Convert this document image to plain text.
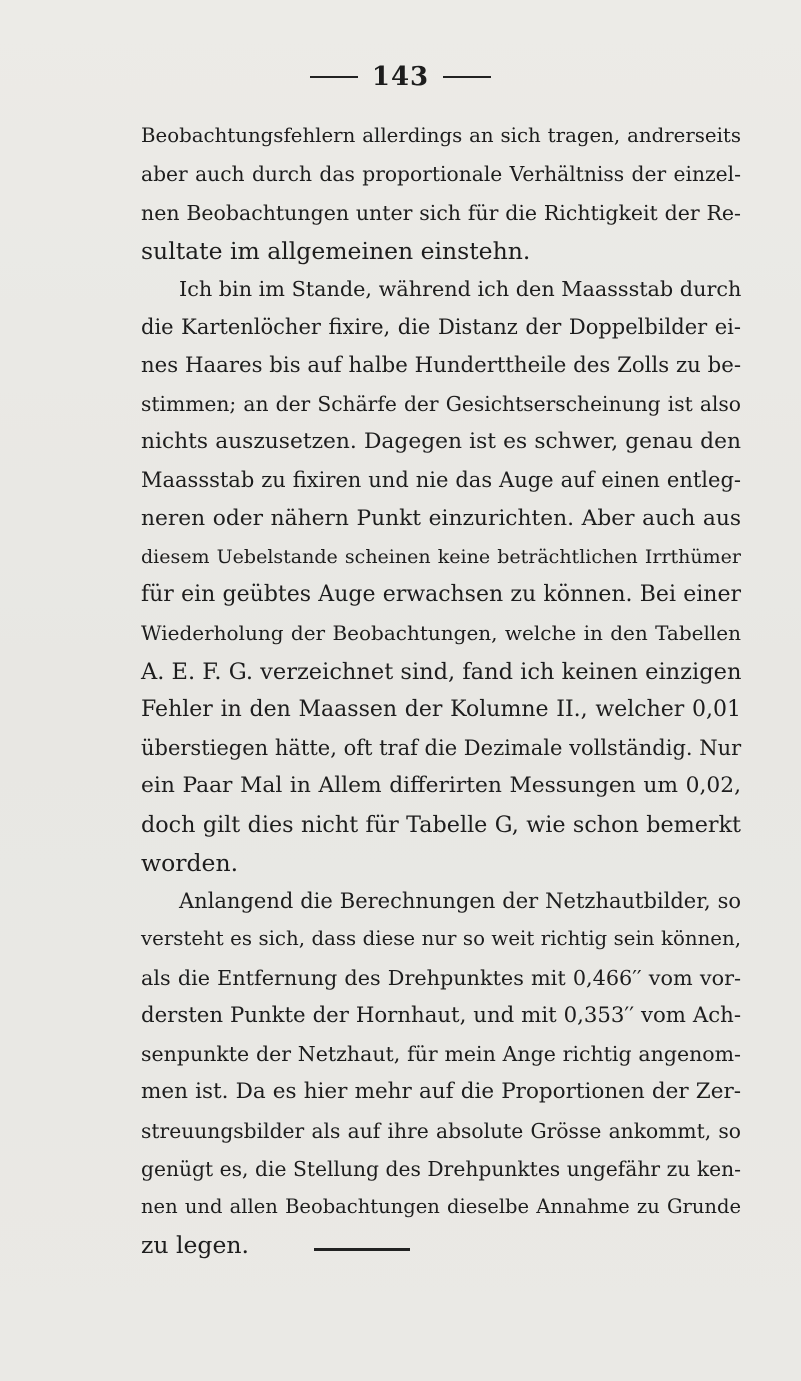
143
Beobachtungsfehlern allerdings an sich tragen, andrerseits
aber auch durch das proportionale Verhältniss der einzel-
nen Beobachtungen unter sich für die Richtigkeit der Re-
sultate im allgemeinen einstehn.
Ich bin im Stande, während ich den Maassstab durch
die Kartenlöcher fixire, die Distanz der Doppelbilder ei-
nes Haares bis auf halbe Hunderttheile des Zolls zu be-
stimmen; an der Schärfe der Gesichtserscheinung ist also
nichts auszusetzen. Dagegen ist es schwer, genau den
Maassstab zu fixiren und nie das Auge auf einen entleg-
neren oder nähern Punkt einzurichten. Aber auch aus
diesem Uebelstande scheinen keine beträchtlichen Irrthümer
für ein geübtes Auge erwachsen zu können. Bei einer
Wiederholung der Beobachtungen, welche in den Tabellen
A. E. F. G. verzeichnet sind, fand ich keinen einzigen
Fehler in den Maassen der Kolumne II., welcher 0,01
überstiegen hätte, oft traf die Dezimale vollständig. Nur
ein Paar Mal in Allem differirten Messungen um 0,02,
doch gilt dies nicht für Tabelle G, wie schon bemerkt
worden.
Anlangend die Berechnungen der Netzhautbilder, so
versteht es sich, dass diese nur so weit richtig sein können,
als die Entfernung des Drehpunktes mit 0,466′′ vom vor-
dersten Punkte der Hornhaut, und mit 0,353′′ vom Ach-
senpunkte der Netzhaut, für mein Ange richtig angenom-
men ist. Da es hier mehr auf die Proportionen der Zer-
streuungsbilder als auf ihre absolute Grösse ankommt, so
genügt es, die Stellung des Drehpunktes ungefähr zu ken-
nen und allen Beobachtungen dieselbe Annahme zu Grunde
zu legen.
